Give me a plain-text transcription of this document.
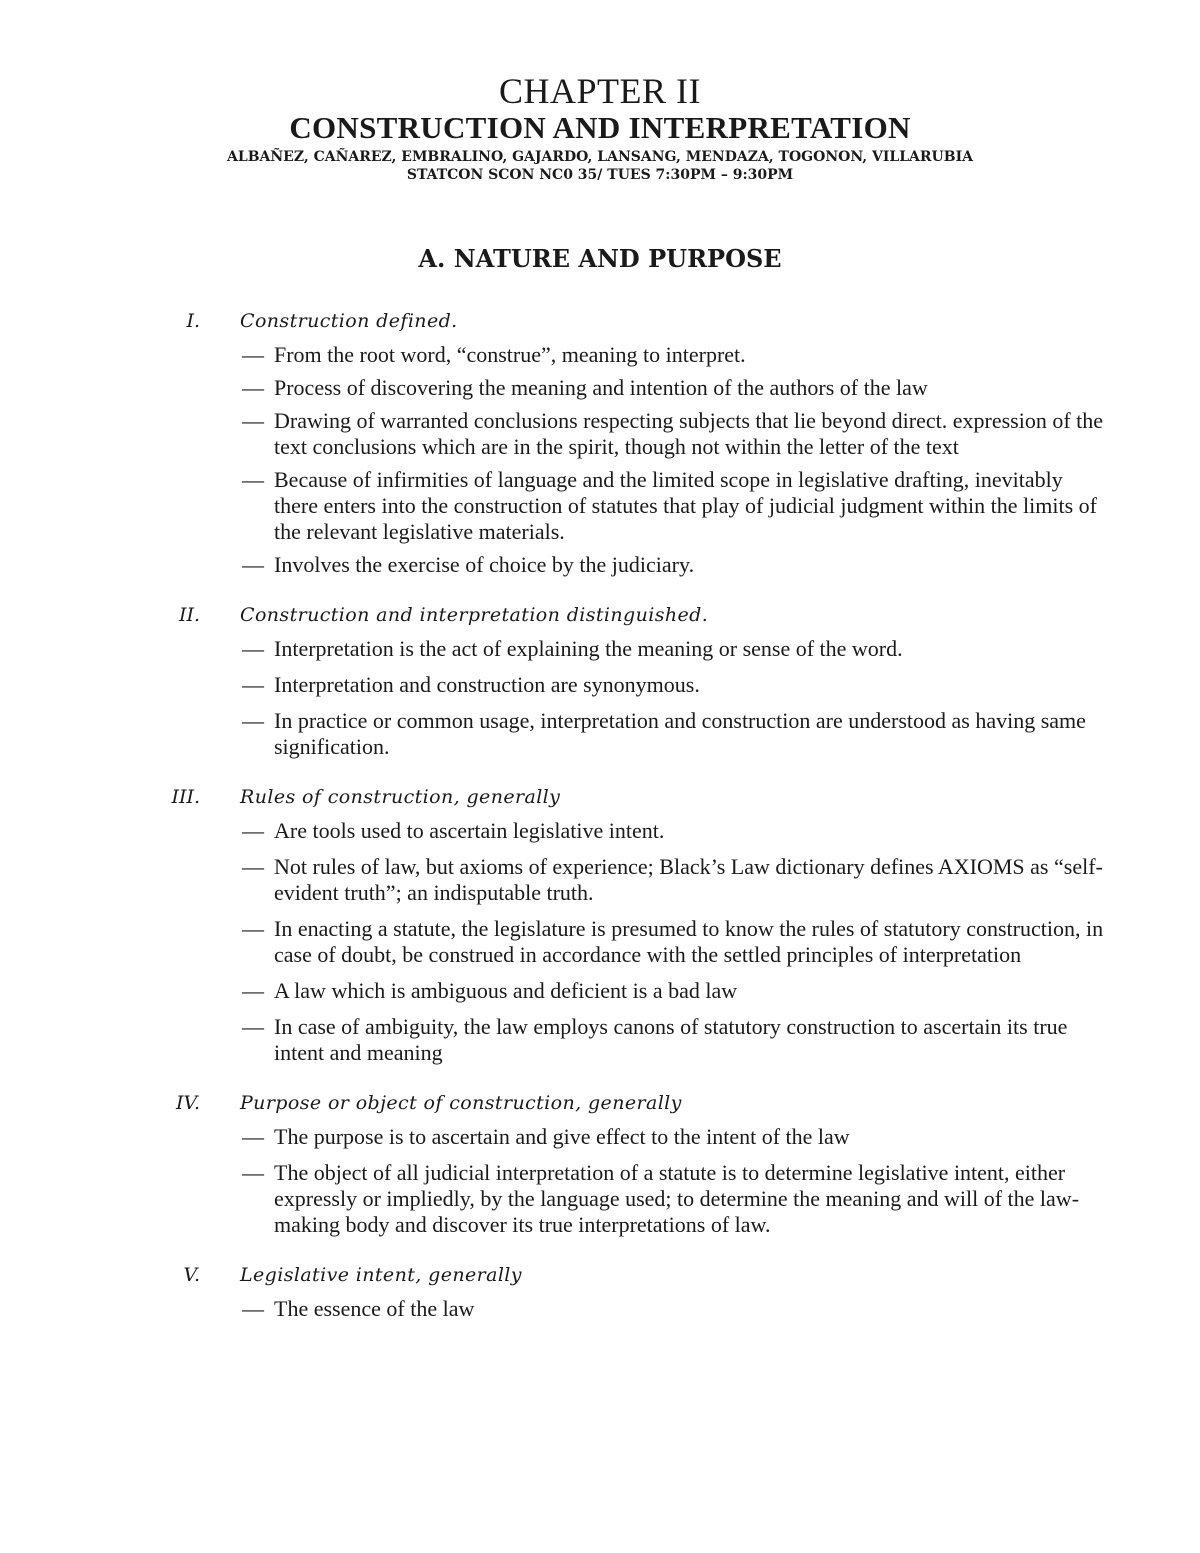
CHAPTER II
CONSTRUCTION AND INTERPRETATION
ALBAÑEZ, CAÑAREZ, EMBRALINO, GAJARDO, LANSANG, MENDAZA, TOGONON, VILLARUBIA
STATCON SCON NC0 35/ TUES 7:30PM – 9:30PM
A. NATURE AND PURPOSE
I. Construction defined.
— From the root word, “construe”, meaning to interpret.
— Process of discovering the meaning and intention of the authors of the law
— Drawing of warranted conclusions respecting subjects that lie beyond direct. expression of the text conclusions which are in the spirit, though not within the letter of the text
— Because of infirmities of language and the limited scope in legislative drafting, inevitably there enters into the construction of statutes that play of judicial judgment within the limits of the relevant legislative materials.
— Involves the exercise of choice by the judiciary.
II. Construction and interpretation distinguished.
— Interpretation is the act of explaining the meaning or sense of the word.
— Interpretation and construction are synonymous.
— In practice or common usage, interpretation and construction are understood as having same signification.
III. Rules of construction, generally
— Are tools used to ascertain legislative intent.
— Not rules of law, but axioms of experience; Black’s Law dictionary defines AXIOMS as “self-evident truth”; an indisputable truth.
— In enacting a statute, the legislature is presumed to know the rules of statutory construction, in case of doubt, be construed in accordance with the settled principles of interpretation
— A law which is ambiguous and deficient is a bad law
— In case of ambiguity, the law employs canons of statutory construction to ascertain its true intent and meaning
IV. Purpose or object of construction, generally
— The purpose is to ascertain and give effect to the intent of the law
— The object of all judicial interpretation of a statute is to determine legislative intent, either expressly or impliedly, by the language used; to determine the meaning and will of the law-making body and discover its true interpretations of law.
V. Legislative intent, generally
— The essence of the law
